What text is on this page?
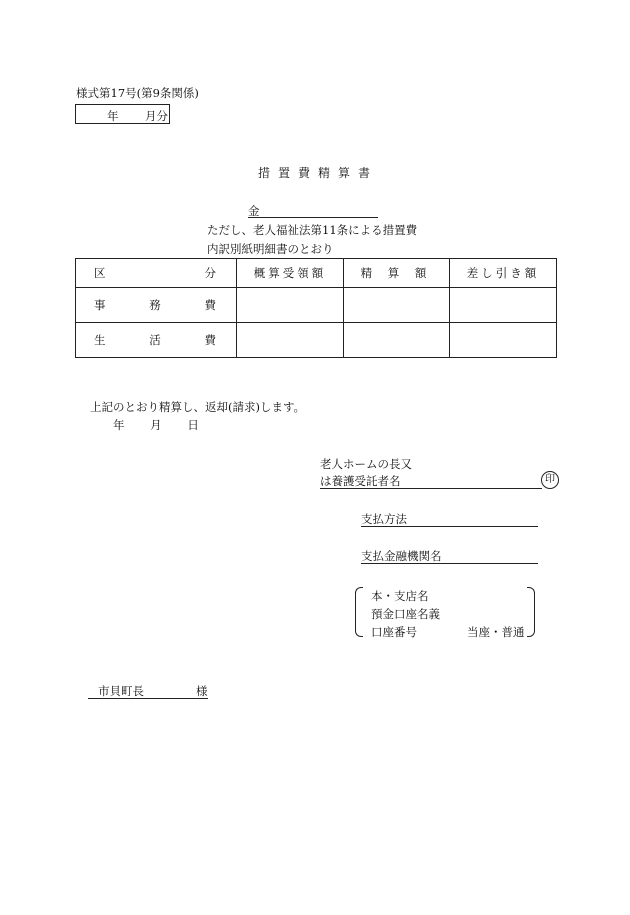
様式第17号(第9条関係)
年 月分
措置費精算書
金
ただし、老人福祉法第11条による措置費
内訳別紙明細書のとおり
区 分	概算受領額	精 算 額	差し引き額

事 務 費			

生 活 費			

上記のとおり精算し、返却(請求)します。
年 月 日
老人ホームの長又
は養護受託者名	印
支払方法
支払金融機関名
本・支店名
預金口座名義
口座番号	当座・普通
市貝町長	様
